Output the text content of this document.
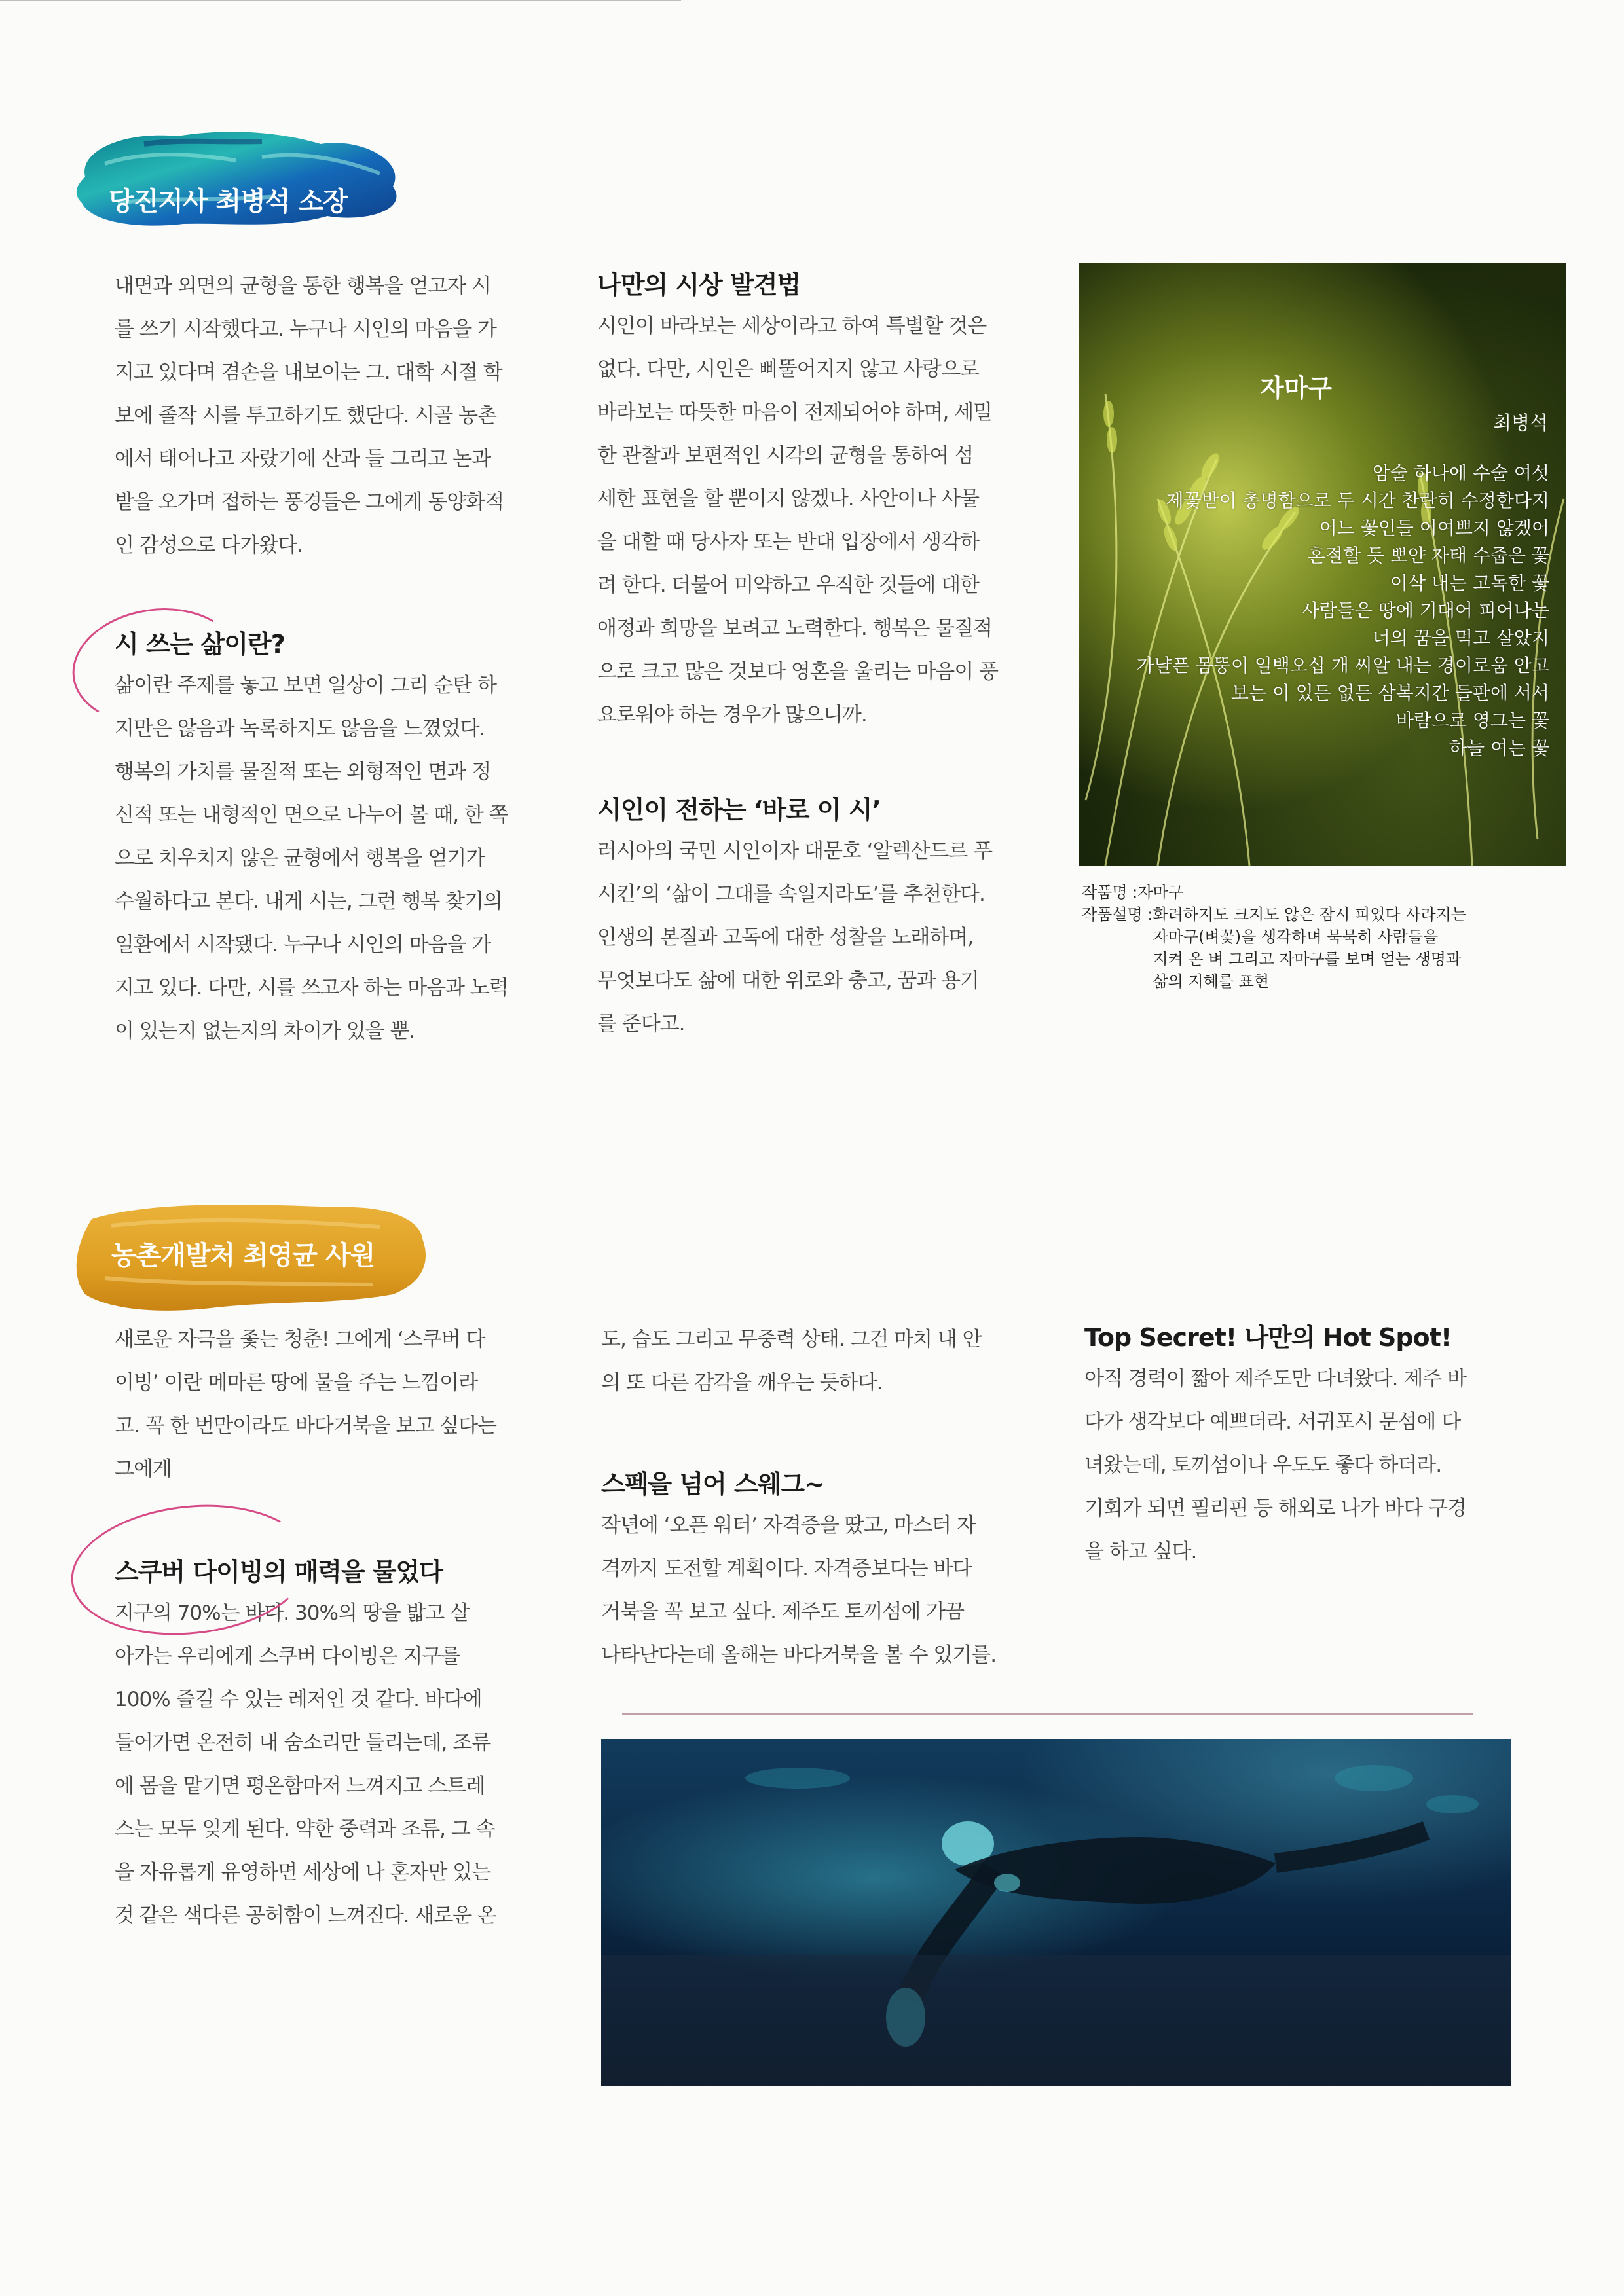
당진지사 최병석 소장

내면과 외면의 균형을 통한 행복을 얻고자 시

를 쓰기 시작했다고. 누구나 시인의 마음을 가

지고 있다며 겸손을 내보이는 그. 대학 시절 학

보에 졸작 시를 투고하기도 했단다. 시골 농촌

에서 태어나고 자랐기에 산과 들 그리고 논과

밭을 오가며 접하는 풍경들은 그에게 동양화적

인 감성으로 다가왔다.

시 쓰는 삶이란?

삶이란 주제를 놓고 보면 일상이 그리 순탄 하

지만은 않음과 녹록하지도 않음을 느꼈었다.

행복의 가치를 물질적 또는 외형적인 면과 정

신적 또는 내형적인 면으로 나누어 볼 때, 한 쪽

으로 치우치지 않은 균형에서 행복을 얻기가

수월하다고 본다. 내게 시는, 그런 행복 찾기의

일환에서 시작됐다. 누구나 시인의 마음을 가

지고 있다. 다만, 시를 쓰고자 하는 마음과 노력

이 있는지 없는지의 차이가 있을 뿐.

나만의 시상 발견법

시인이 바라보는 세상이라고 하여 특별할 것은

없다. 다만, 시인은 삐뚤어지지 않고 사랑으로

바라보는 따뜻한 마음이 전제되어야 하며, 세밀

한 관찰과 보편적인 시각의 균형을 통하여 섬

세한 표현을 할 뿐이지 않겠나. 사안이나 사물

을 대할 때 당사자 또는 반대 입장에서 생각하

려 한다. 더불어 미약하고 우직한 것들에 대한

애정과 희망을 보려고 노력한다. 행복은 물질적

으로 크고 많은 것보다 영혼을 울리는 마음이 풍

요로워야 하는 경우가 많으니까.

시인이 전하는 ‘바로 이 시’

러시아의 국민 시인이자 대문호 ‘알렉산드르 푸

시킨’의 ‘삶이 그대를 속일지라도’를 추천한다.

인생의 본질과 고독에 대한 성찰을 노래하며,

무엇보다도 삶에 대한 위로와 충고, 꿈과 용기

를 준다고.

자마구
최병석
암술 하나에 수술 여섯
제꽃받이 총명함으로 두 시간 찬란히 수정한다지
어느 꽃인들 어여쁘지 않겠어
혼절할 듯 뽀얀 자태 수줍은 꽃
이삭 내는 고독한 꽃
사람들은 땅에 기대어 피어나는
너의 꿈을 먹고 살았지
가냘픈 몸뚱이 일백오십 개 씨알 내는 경이로움 안고
보는 이 있든 없든 삼복지간 들판에 서서
바람으로 영그는 꽃
하늘 여는 꽃
작품명 : 자마구
작품설명 : 화려하지도 크지도 않은 잠시 피었다 사라지는
자마구(벼꽃)을 생각하며 묵묵히 사람들을
지켜 온 벼 그리고 자마구를 보며 얻는 생명과
삶의 지혜를 표현
농촌개발처 최영균 사원

새로운 자극을 좇는 청춘! 그에게 ‘스쿠버 다

이빙’ 이란 메마른 땅에 물을 주는 느낌이라

고. 꼭 한 번만이라도 바다거북을 보고 싶다는

그에게

스쿠버 다이빙의 매력을 물었다

지구의 70%는 바다. 30%의 땅을 밟고 살

아가는 우리에게 스쿠버 다이빙은 지구를

100% 즐길 수 있는 레저인 것 같다. 바다에

들어가면 온전히 내 숨소리만 들리는데, 조류

에 몸을 맡기면 평온함마저 느껴지고 스트레

스는 모두 잊게 된다. 약한 중력과 조류, 그 속

을 자유롭게 유영하면 세상에 나 혼자만 있는

것 같은 색다른 공허함이 느껴진다. 새로운 온

도, 습도 그리고 무중력 상태. 그건 마치 내 안

의 또 다른 감각을 깨우는 듯하다.

스펙을 넘어 스웨그~

작년에 ‘오픈 워터’ 자격증을 땄고, 마스터 자

격까지 도전할 계획이다. 자격증보다는 바다

거북을 꼭 보고 싶다. 제주도 토끼섬에 가끔

나타난다는데 올해는 바다거북을 볼 수 있기를.

Top Secret! 나만의 Hot Spot!

아직 경력이 짧아 제주도만 다녀왔다. 제주 바

다가 생각보다 예쁘더라. 서귀포시 문섬에 다

녀왔는데, 토끼섬이나 우도도 좋다 하더라.

기회가 되면 필리핀 등 해외로 나가 바다 구경

을 하고 싶다.
